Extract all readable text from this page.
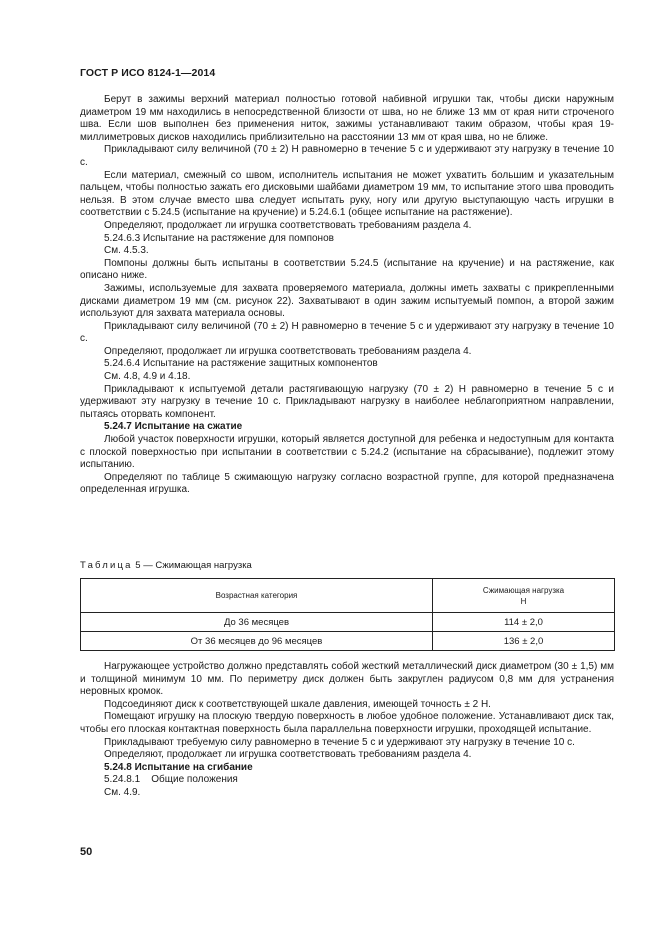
ГОСТ Р ИСО 8124-1—2014

Берут в зажимы верхний материал полностью готовой набивной игрушки так, чтобы диски наружным диаметром 19 мм находились в непосредственной близости от шва, но не ближе 13 мм от края нити строченого шва. Если шов выполнен без применения ниток, зажимы устанавливают таким образом, чтобы края 19-миллиметровых дисков находились приблизительно на расстоянии 13 мм от края шва, но не ближе.

Прикладывают силу величиной (70 ± 2) Н равномерно в течение 5 с и удерживают эту нагрузку в течение 10 с.

Если материал, смежный со швом, исполнитель испытания не может ухватить большим и указательным пальцем, чтобы полностью зажать его дисковыми шайбами диаметром 19 мм, то испытание этого шва проводить нельзя. В этом случае вместо шва следует испытать руку, ногу или другую выступающую часть игрушки в соответствии с 5.24.5 (испытание на кручение) и 5.24.6.1 (общее испытание на растяжение).

Определяют, продолжает ли игрушка соответствовать требованиям раздела 4.

5.24.6.3 Испытание на растяжение для помпонов

См. 4.5.3.

Помпоны должны быть испытаны в соответствии 5.24.5 (испытание на кручение) и на растяжение, как описано ниже.

Зажимы, используемые для захвата проверяемого материала, должны иметь захваты с прикрепленными дисками диаметром 19 мм (см. рисунок 22). Захватывают в один зажим испытуемый помпон, а второй зажим используют для захвата материала основы.

Прикладывают силу величиной (70 ± 2) Н равномерно в течение 5 с и удерживают эту нагрузку в течение 10 с.

Определяют, продолжает ли игрушка соответствовать требованиям раздела 4.

5.24.6.4 Испытание на растяжение защитных компонентов

См. 4.8, 4.9 и 4.18.

Прикладывают к испытуемой детали растягивающую нагрузку (70 ± 2) Н равномерно в течение 5 с и удерживают эту нагрузку в течение 10 с. Прикладывают нагрузку в наиболее неблагоприятном направлении, пытаясь оторвать компонент.

5.24.7 Испытание на сжатие

Любой участок поверхности игрушки, который является доступной для ребенка и недоступным для контакта с плоской поверхностью при испытании в соответствии с 5.24.2 (испытание на сбрасывание), подлежит этому испытанию.

Определяют по таблице 5 сжимающую нагрузку согласно возрастной группе, для которой предназначена определенная игрушка.

Таблица 5 — Сжимающая нагрузка
Возрастная категория	Сжимающая нагрузка
Н
До 36 месяцев	114 ± 2,0
От 36 месяцев до 96 месяцев	136 ± 2,0

Нагружающее устройство должно представлять собой жесткий металлический диск диаметром (30 ± 1,5) мм и толщиной минимум 10 мм. По периметру диск должен быть закруглен радиусом 0,8 мм для устранения неровных кромок.

Подсоединяют диск к соответствующей шкале давления, имеющей точность ± 2 Н.

Помещают игрушку на плоскую твердую поверхность в любое удобное положение. Устанавливают диск так, чтобы его плоская контактная поверхность была параллельна поверхности игрушки, проходящей испытание.

Прикладывают требуемую силу равномерно в течение 5 с и удерживают эту нагрузку в течение 10 с.

Определяют, продолжает ли игрушка соответствовать требованиям раздела 4.

5.24.8 Испытание на сгибание

5.24.8.1    Общие положения

См. 4.9.

50
